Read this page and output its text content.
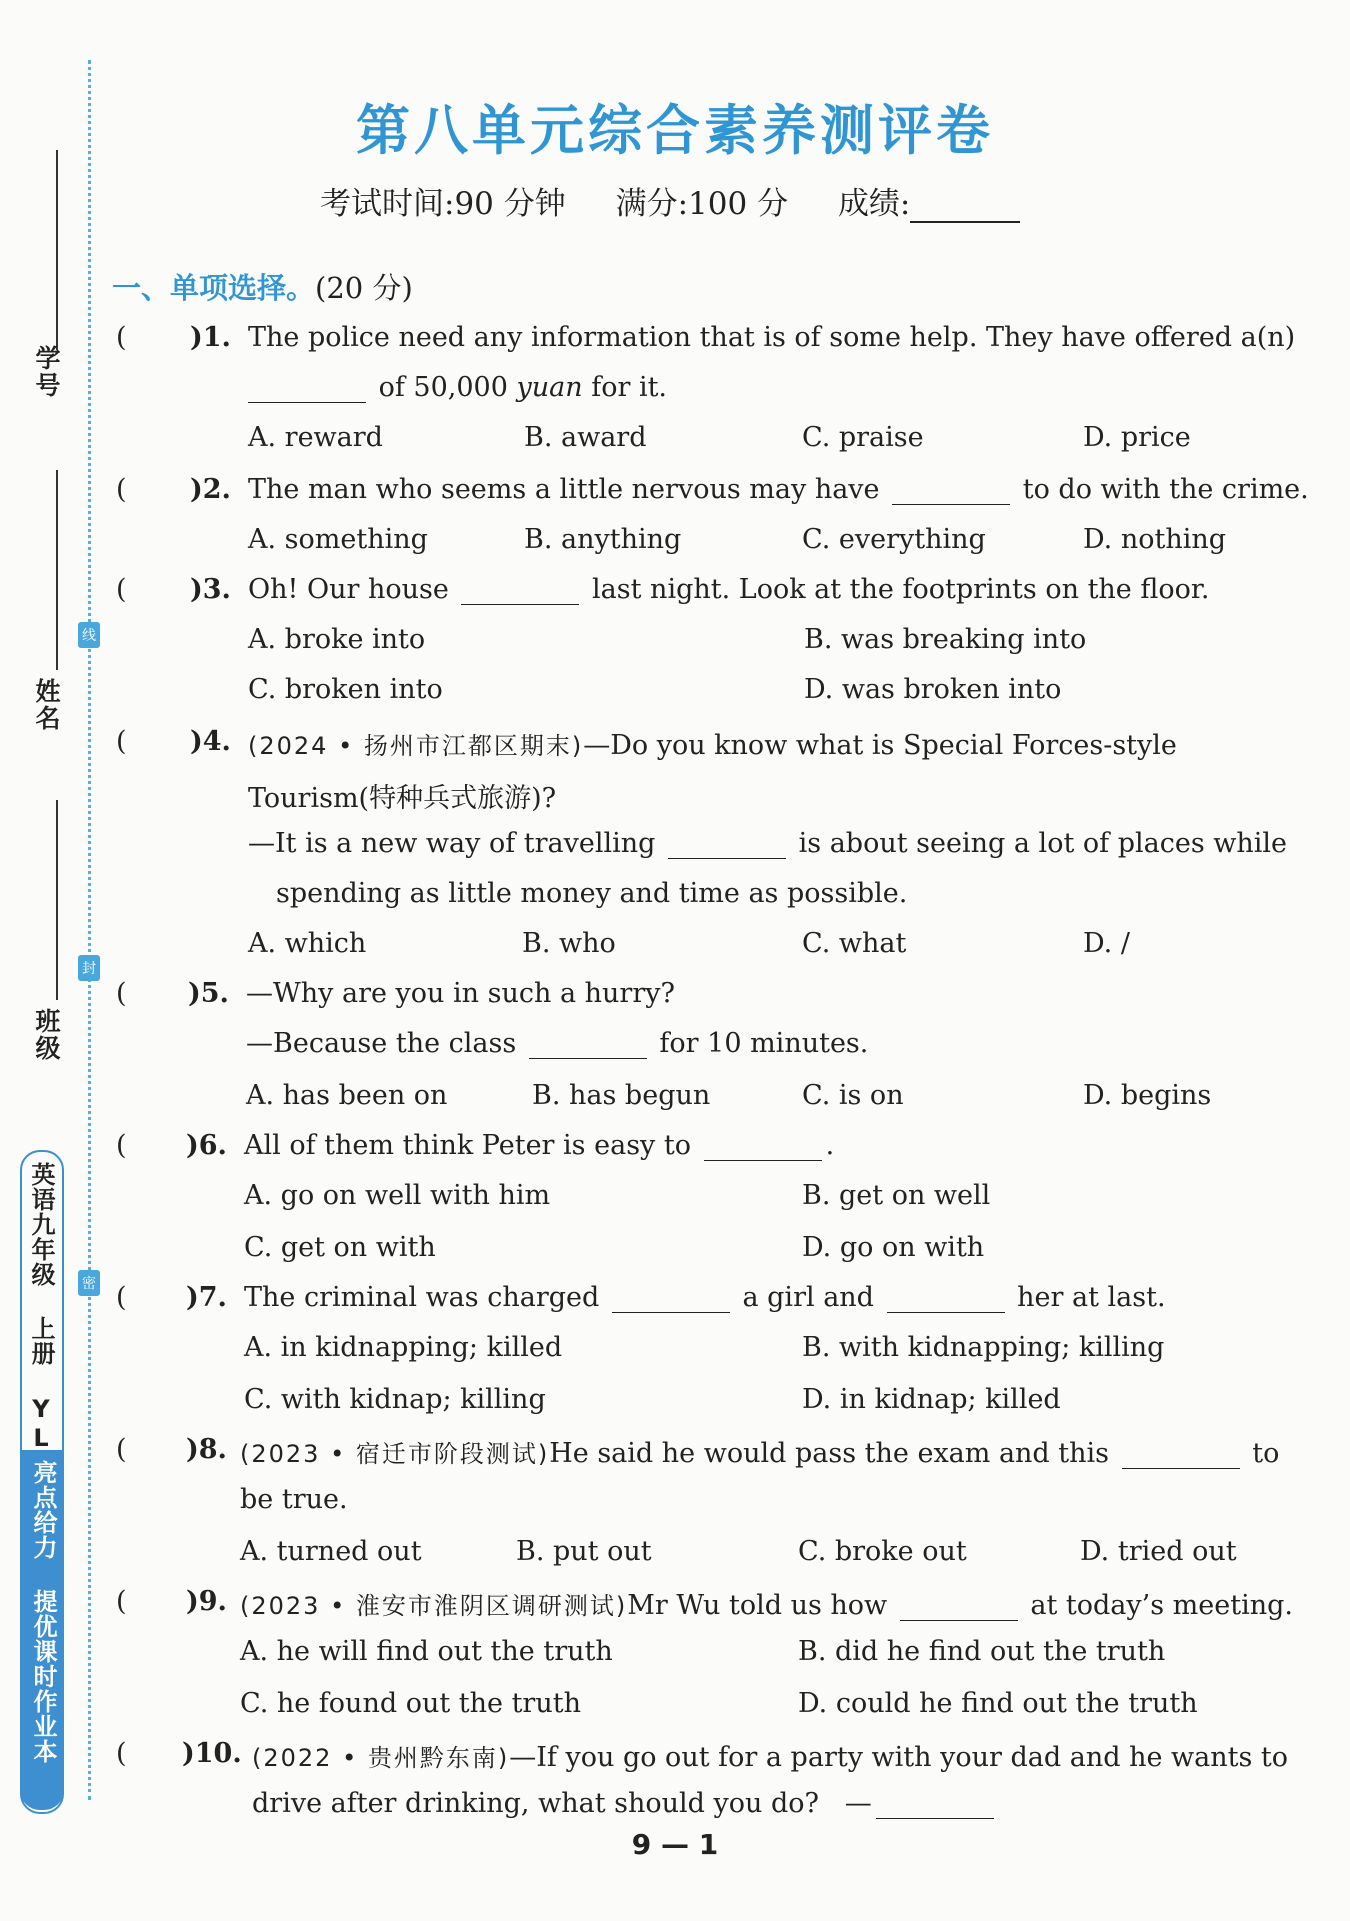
线
封
密
学号
姓名
班级
英语九年级 上册 YL
亮点给力 提优课时作业本
第八单元综合素养测评卷
考试时间:90 分钟 满分:100 分 成绩:
一、单项选择。(20 分)
( )1. The police need any information that is of some help. They have offered a(n)
of 50,000 yuan for it.
A. reward	B. award	C. praise	D. price
( )2. The man who seems a little nervous may have	to do with the crime.
A. something	B. anything	C. everything	D. nothing
( )3. Oh! Our house	last night. Look at the footprints on the floor.
A. broke into	B. was breaking into
C. broken into	D. was broken into
( )4. (2024 • 扬州市江都区期末)—Do you know what is Special Forces-style
Tourism(特种兵式旅游)?
—It is a new way of travelling	is about seeing a lot of places while
spending as little money and time as possible.
A. which	B. who	C. what	D. /
( )5. —Why are you in such a hurry?
—Because the class	for 10 minutes.
A. has been on	B. has begun	C. is on	D. begins
( )6. All of them think Peter is easy to	.
A. go on well with him	B. get on well
C. get on with	D. go on with
( )7. The criminal was charged	a girl and	her at last.
A. in kidnapping; killed	B. with kidnapping; killing
C. with kidnap; killing	D. in kidnap; killed
( )8. (2023 • 宿迁市阶段测试)He said he would pass the exam and this	to
be true.
A. turned out	B. put out	C. broke out	D. tried out
( )9. (2023 • 淮安市淮阴区调研测试)Mr Wu told us how	at today’s meeting.
A. he will find out the truth	B. did he find out the truth
C. he found out the truth	D. could he find out the truth
( )10. (2022 • 贵州黔东南)—If you go out for a party with your dad and he wants to
drive after drinking, what should you do? —
9 — 1
